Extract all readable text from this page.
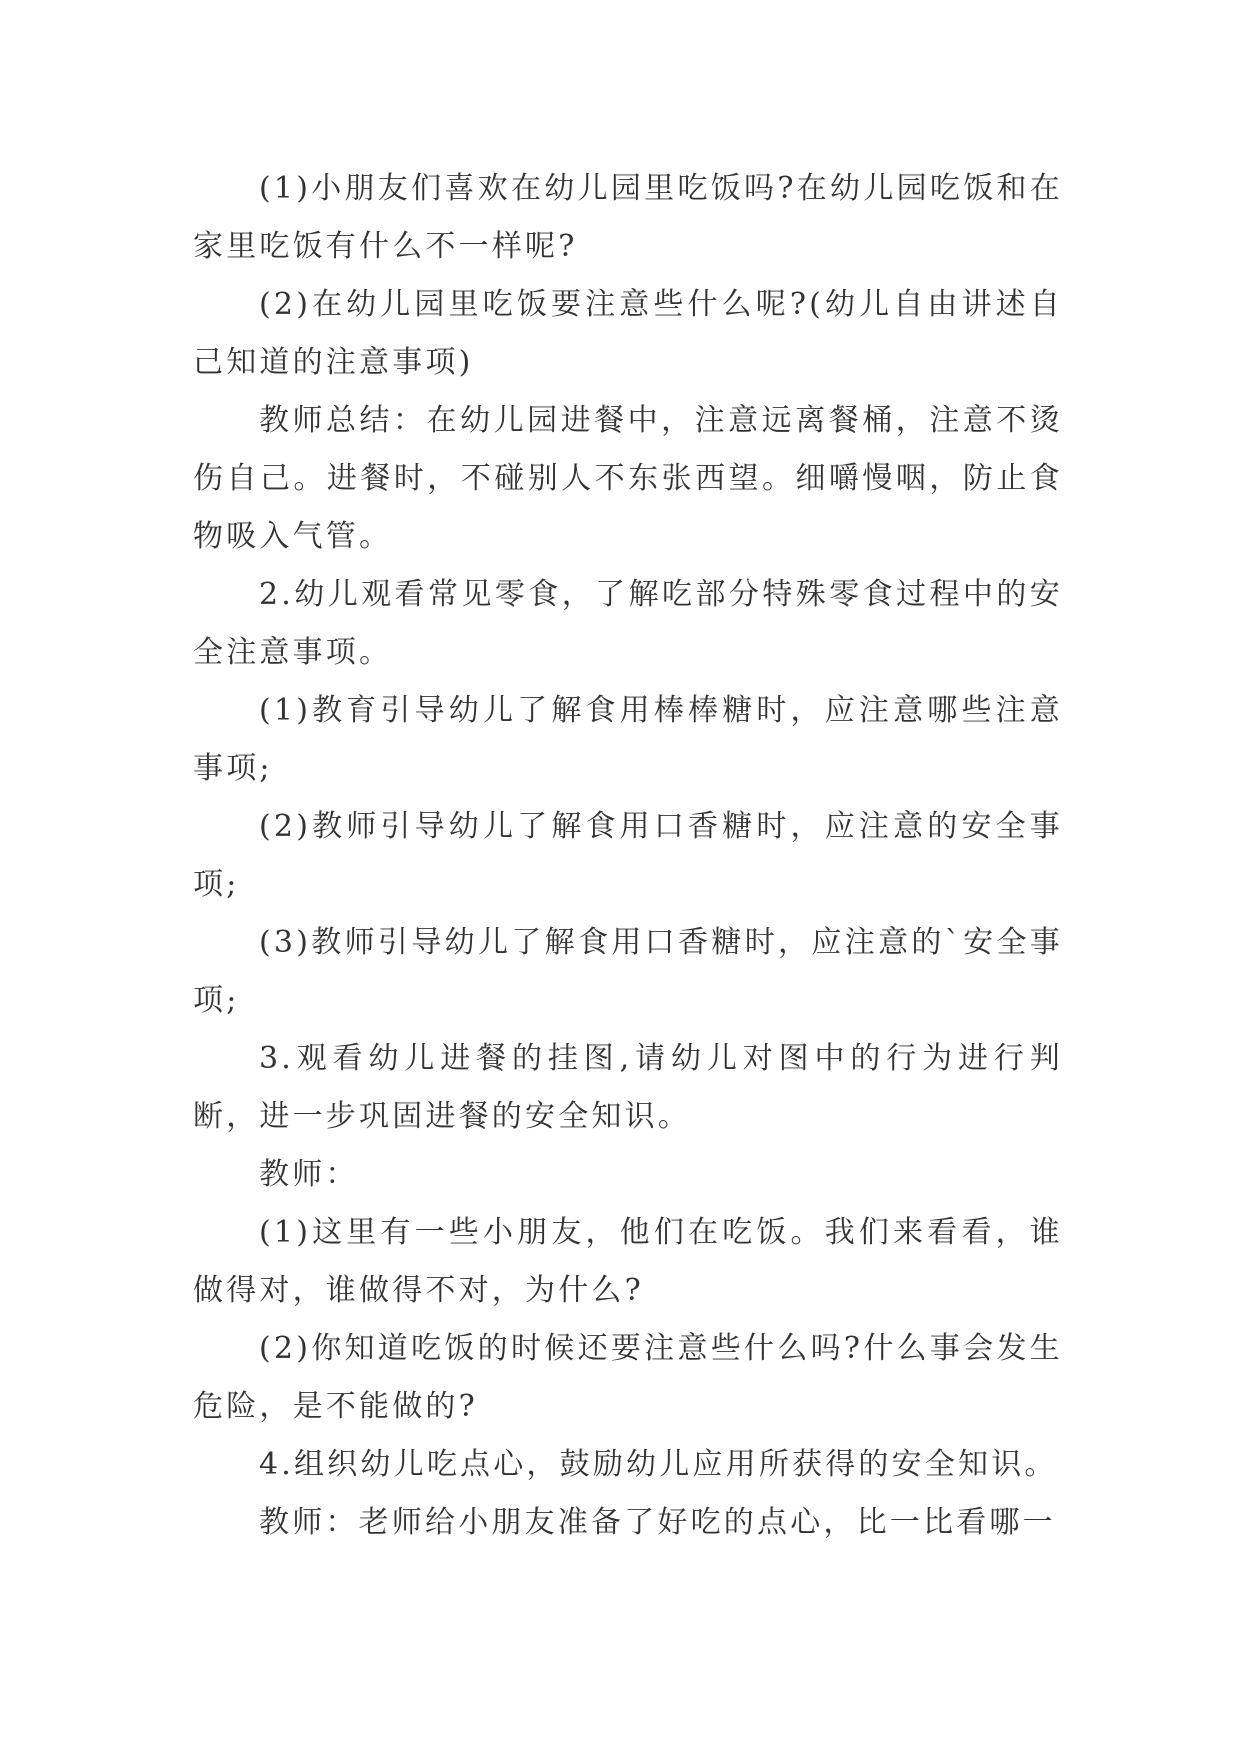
(1)小朋友们喜欢在幼儿园里吃饭吗?在幼儿园吃饭和在家里吃饭有什么不一样呢?

(2)在幼儿园里吃饭要注意些什么呢?(幼儿自由讲述自己知道的注意事项)

教师总结：在幼儿园进餐中，注意远离餐桶，注意不烫伤自己。进餐时，不碰别人不东张西望。细嚼慢咽，防止食物吸入气管。

2.幼儿观看常见零食，了解吃部分特殊零食过程中的安全注意事项。

(1)教育引导幼儿了解食用棒棒糖时，应注意哪些注意事项;

(2)教师引导幼儿了解食用口香糖时，应注意的安全事项;

(3)教师引导幼儿了解食用口香糖时，应注意的`安全事项;

3.观看幼儿进餐的挂图,请幼儿对图中的行为进行判断，进一步巩固进餐的安全知识。

教师：

(1)这里有一些小朋友，他们在吃饭。我们来看看，谁做得对，谁做得不对，为什么?

(2)你知道吃饭的时候还要注意些什么吗?什么事会发生危险，是不能做的?

4.组织幼儿吃点心，鼓励幼儿应用所获得的安全知识。

教师：老师给小朋友准备了好吃的点心，比一比看哪一
